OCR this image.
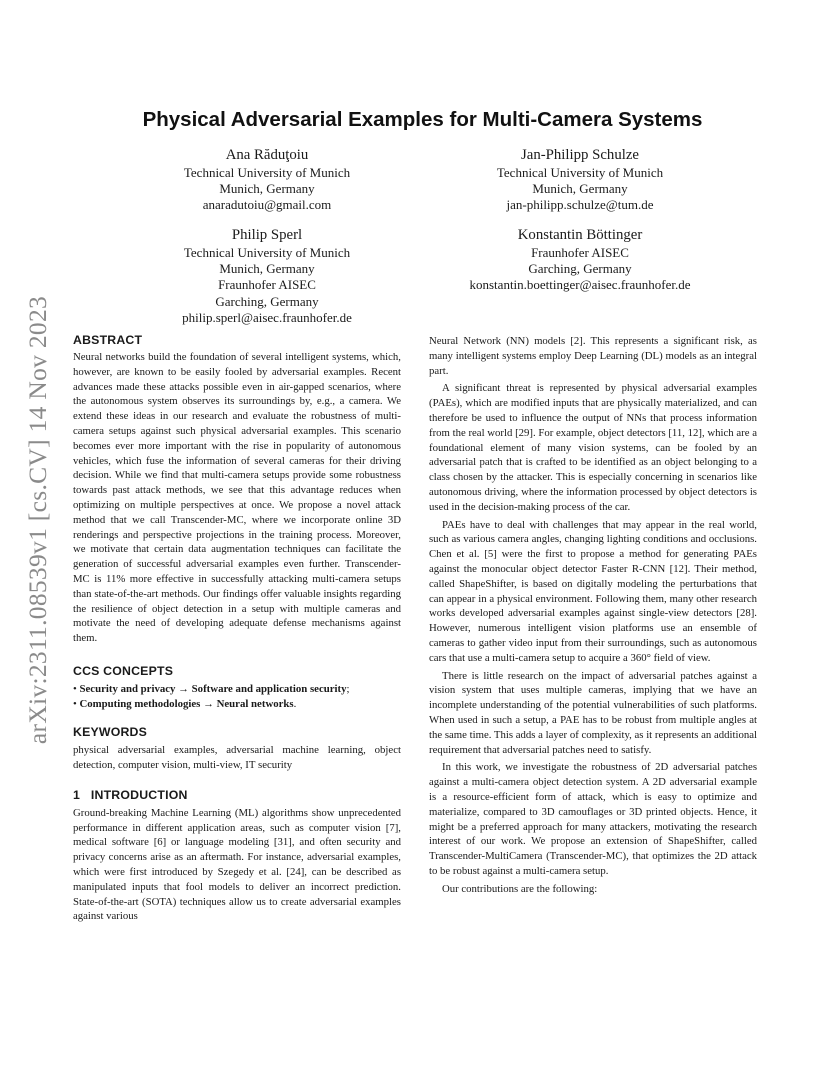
arXiv:2311.08539v1 [cs.CV] 14 Nov 2023
Physical Adversarial Examples for Multi-Camera Systems
Ana Răduţoiu
Technical University of Munich
Munich, Germany
anaradutoiu@gmail.com
Jan-Philipp Schulze
Technical University of Munich
Munich, Germany
jan-philipp.schulze@tum.de
Philip Sperl
Technical University of Munich
Munich, Germany
Fraunhofer AISEC
Garching, Germany
philip.sperl@aisec.fraunhofer.de
Konstantin Böttinger
Fraunhofer AISEC
Garching, Germany
konstantin.boettinger@aisec.fraunhofer.de
ABSTRACT

Neural networks build the foundation of several intelligent systems, which, however, are known to be easily fooled by adversarial examples. Recent advances made these attacks possible even in air-gapped scenarios, where the autonomous system observes its surroundings by, e.g., a camera. We extend these ideas in our research and evaluate the robustness of multi-camera setups against such physical adversarial examples. This scenario becomes ever more important with the rise in popularity of autonomous vehicles, which fuse the information of several cameras for their driving decision. While we find that multi-camera setups provide some robustness towards past attack methods, we see that this advantage reduces when optimizing on multiple perspectives at once. We propose a novel attack method that we call Transcender-MC, where we incorporate online 3D renderings and perspective projections in the training process. Moreover, we motivate that certain data augmentation techniques can facilitate the generation of successful adversarial examples even further. Transcender-MC is 11% more effective in successfully attacking multi-camera setups than state-of-the-art methods. Our findings offer valuable insights regarding the resilience of object detection in a setup with multiple cameras and motivate the need of developing adequate defense mechanisms against them.

CCS CONCEPTS
• Security and privacy → Software and application security;
• Computing methodologies → Neural networks.
KEYWORDS

physical adversarial examples, adversarial machine learning, object detection, computer vision, multi-view, IT security

1   INTRODUCTION

Ground-breaking Machine Learning (ML) algorithms show unprecedented performance in different application areas, such as computer vision [7], medical software [6] or language modeling [31], and often security and privacy concerns arise as an aftermath. For instance, adversarial examples, which were first introduced by Szegedy et al. [24], can be described as manipulated inputs that fool models to deliver an incorrect prediction. State-of-the-art (SOTA) techniques allow us to create adversarial examples against various

Neural Network (NN) models [2]. This represents a significant risk, as many intelligent systems employ Deep Learning (DL) models as an integral part.

A significant threat is represented by physical adversarial examples (PAEs), which are modified inputs that are physically materialized, and can therefore be used to influence the output of NNs that process information from the real world [29]. For example, object detectors [11, 12], which are a foundational element of many vision systems, can be fooled by an adversarial patch that is crafted to be identified as an object belonging to a class chosen by the attacker. This is especially concerning in scenarios like autonomous driving, where the information processed by object detectors is used in the decision-making process of the car.

PAEs have to deal with challenges that may appear in the real world, such as various camera angles, changing lighting conditions and occlusions. Chen et al. [5] were the first to propose a method for generating PAEs against the monocular object detector Faster R-CNN [12]. Their method, called ShapeShifter, is based on digitally modeling the perturbations that can appear in a physical environment. Following them, many other research works developed adversarial examples against single-view detectors [28]. However, numerous intelligent vision platforms use an ensemble of cameras to gather video input from their surroundings, such as autonomous cars that use a multi-camera setup to acquire a 360° field of view.

There is little research on the impact of adversarial patches against a vision system that uses multiple cameras, implying that we have an incomplete understanding of the potential vulnerabilities of such platforms. When used in such a setup, a PAE has to be robust from multiple angles at the same time. This adds a layer of complexity, as it represents an additional requirement that adversarial patches need to satisfy.

In this work, we investigate the robustness of 2D adversarial patches against a multi-camera object detection system. A 2D adversarial example is a resource-efficient form of attack, which is easy to optimize and materialize, compared to 3D camouflages or 3D printed objects. Hence, it might be a preferred approach for many attackers, motivating the research interest of our work. We propose an extension of ShapeShifter, called Transcender-MultiCamera (Transcender-MC), that optimizes the 2D attack to be robust against a multi-camera setup.

Our contributions are the following:
